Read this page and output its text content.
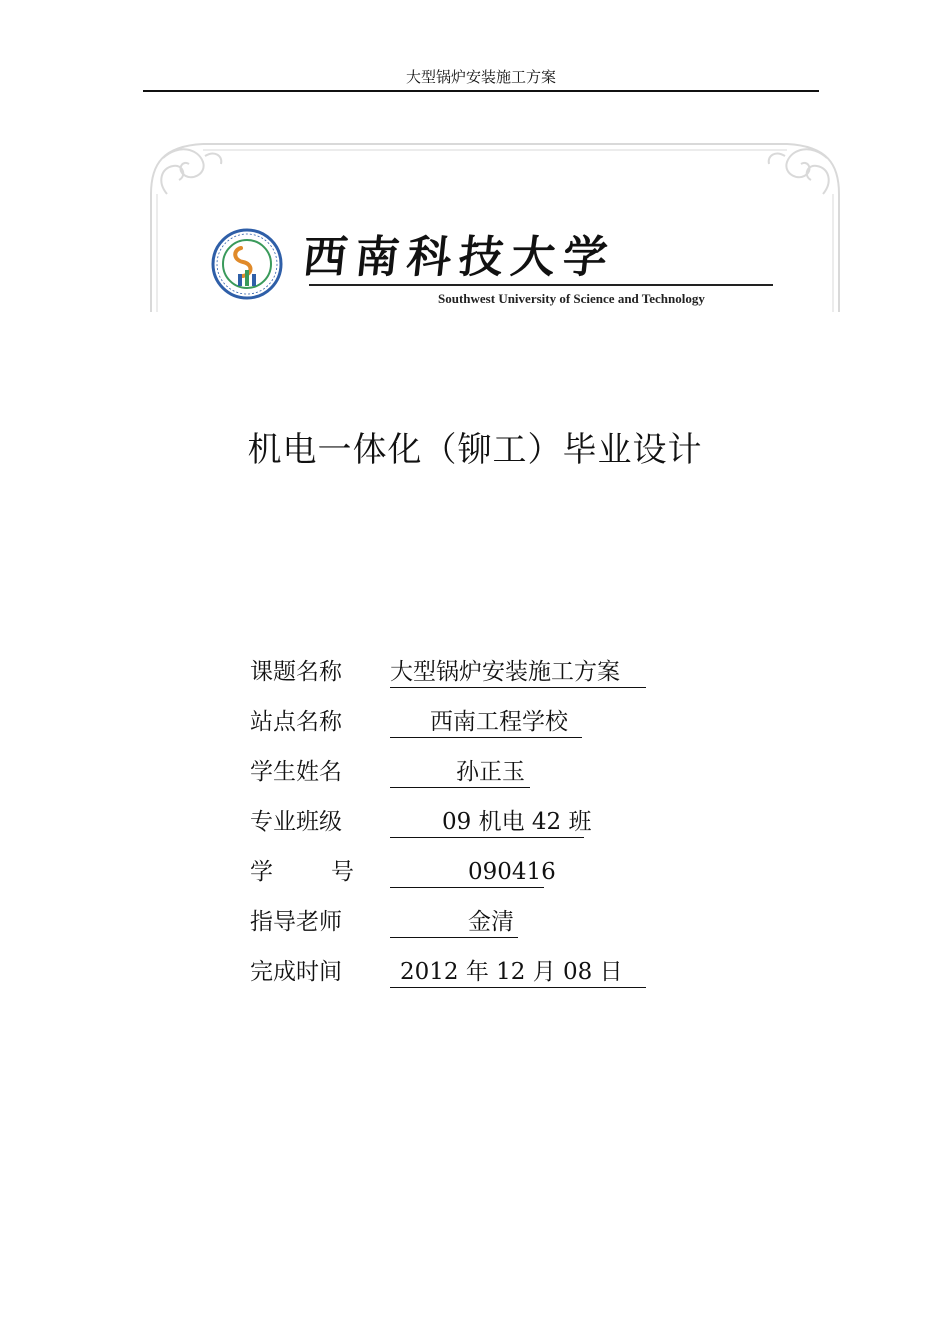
大型锅炉安装施工方案
西南科技大学
Southwest University of Science and Technology
机电一体化（铆工）毕业设计
课题名称	大型锅炉安装施工方案
站点名称	西南工程学校
学生姓名	孙正玉
专业班级	09 机电 42 班
学	号	090416
指导老师	金清
完成时间	2012 年 12 月 08 日
